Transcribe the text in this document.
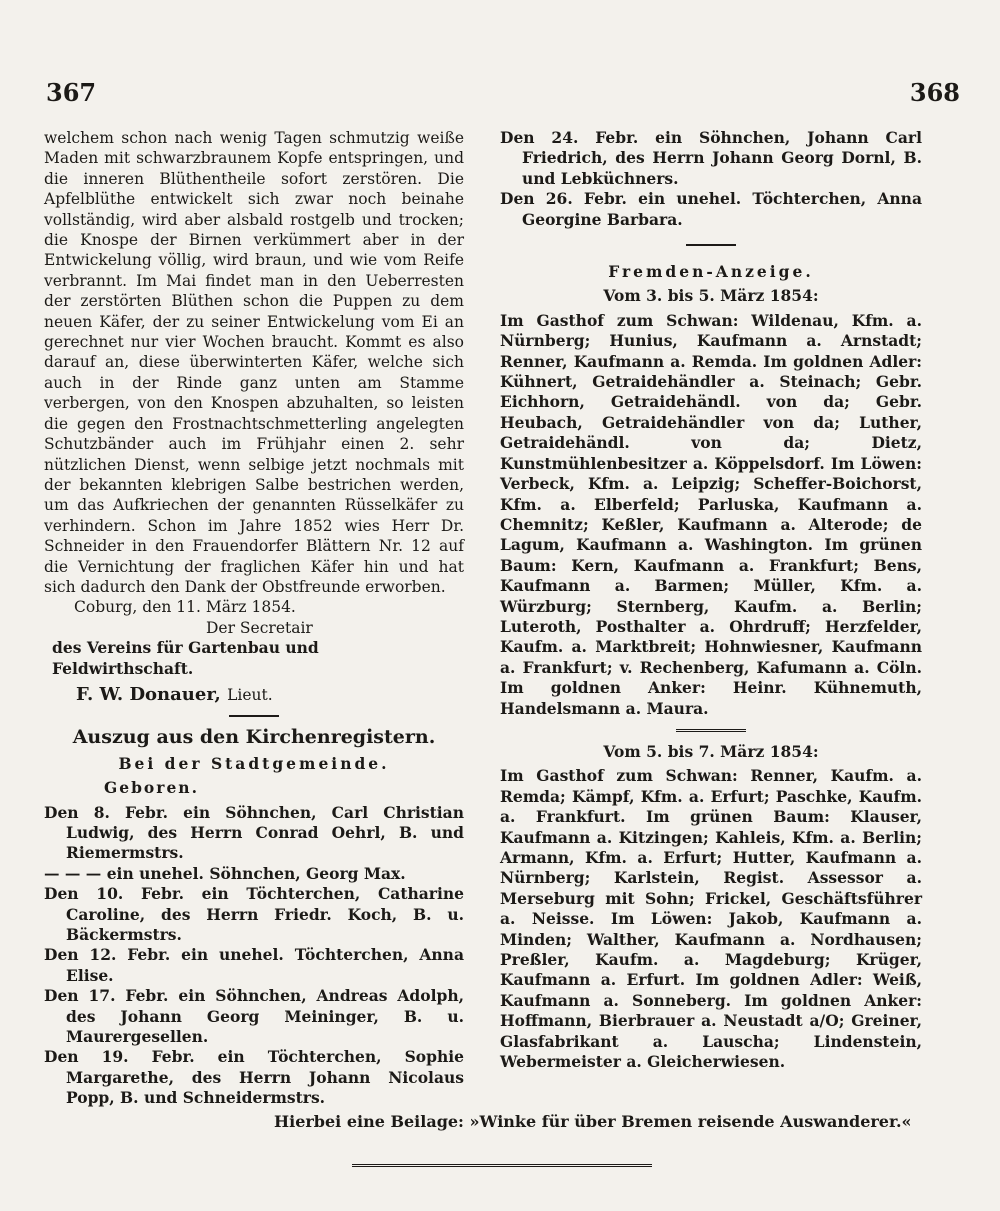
367	368

welchem schon nach wenig Tagen schmutzig weiße Maden mit schwarzbraunem Kopfe entspringen, und die inneren Blüthentheile sofort zerstören. Die Apfelblüthe entwickelt sich zwar noch beinahe vollständig, wird aber alsbald rostgelb und trocken; die Knospe der Birnen verkümmert aber in der Entwickelung völlig, wird braun, und wie vom Reife verbrannt. Im Mai findet man in den Ueberresten der zerstörten Blüthen schon die Puppen zu dem neuen Käfer, der zu seiner Entwickelung vom Ei an gerechnet nur vier Wochen braucht. Kommt es also darauf an, diese überwinterten Käfer, welche sich auch in der Rinde ganz unten am Stamme verbergen, von den Knospen abzuhalten, so leisten die gegen den Frostnachtschmetterling angelegten Schutzbänder auch im Frühjahr einen 2. sehr nützlichen Dienst, wenn selbige jetzt nochmals mit der bekannten klebrigen Salbe bestrichen werden, um das Aufkriechen der genannten Rüsselkäfer zu verhindern. Schon im Jahre 1852 wies Herr Dr. Schneider in den Frauendorfer Blättern Nr. 12 auf die Vernichtung der fraglichen Käfer hin und hat sich dadurch den Dank der Obstfreunde erworben.

Coburg, den 11. März 1854.

Der Secretair

des Vereins für Gartenbau und Feldwirthschaft.

F. W. Donauer, Lieut.

Auszug aus den Kirchenregistern.

Bei der Stadtgemeinde.

Geboren.

Den 8. Febr. ein Söhnchen, Carl Christian Ludwig, des Herrn Conrad Oehrl, B. und Riemermstrs.

— — — ein unehel. Söhnchen, Georg Max.

Den 10. Febr. ein Töchterchen, Catharine Caroline, des Herrn Friedr. Koch, B. u. Bäckermstrs.

Den 12. Febr. ein unehel. Töchterchen, Anna Elise.

Den 17. Febr. ein Söhnchen, Andreas Adolph, des Johann Georg Meininger, B. u. Maurergesellen.

Den 19. Febr. ein Töchterchen, Sophie Margarethe, des Herrn Johann Nicolaus Popp, B. und Schneidermstrs.

Den 24. Febr. ein Söhnchen, Johann Carl Friedrich, des Herrn Johann Georg Dornl, B. und Lebküchners.

Den 26. Febr. ein unehel. Töchterchen, Anna Georgine Barbara.

Fremden-Anzeige.

Vom 3. bis 5. März 1854:

Im Gasthof zum Schwan: Wildenau, Kfm. a. Nürnberg; Hunius, Kaufmann a. Arnstadt; Renner, Kaufmann a. Remda. Im goldnen Adler: Kühnert, Getraidehändler a. Steinach; Gebr. Eichhorn, Getraidehändl. von da; Gebr. Heubach, Getraidehändler von da; Luther, Getraidehändl. von da; Dietz, Kunstmühlenbesitzer a. Köppelsdorf. Im Löwen: Verbeck, Kfm. a. Leipzig; Scheffer-Boichorst, Kfm. a. Elberfeld; Parluska, Kaufmann a. Chemnitz; Keßler, Kaufmann a. Alterode; de Lagum, Kaufmann a. Washington. Im grünen Baum: Kern, Kaufmann a. Frankfurt; Bens, Kaufmann a. Barmen; Müller, Kfm. a. Würzburg; Sternberg, Kaufm. a. Berlin; Luteroth, Posthalter a. Ohrdruff; Herzfelder, Kaufm. a. Marktbreit; Hohnwiesner, Kaufmann a. Frankfurt; v. Rechenberg, Kafumann a. Cöln. Im goldnen Anker: Heinr. Kühnemuth, Handelsmann a. Maura.

Vom 5. bis 7. März 1854:

Im Gasthof zum Schwan: Renner, Kaufm. a. Remda; Kämpf, Kfm. a. Erfurt; Paschke, Kaufm. a. Frankfurt. Im grünen Baum: Klauser, Kaufmann a. Kitzingen; Kahleis, Kfm. a. Berlin; Armann, Kfm. a. Erfurt; Hutter, Kaufmann a. Nürnberg; Karlstein, Regist. Assessor a. Merseburg mit Sohn; Frickel, Geschäftsführer a. Neisse. Im Löwen: Jakob, Kaufmann a. Minden; Walther, Kaufmann a. Nordhausen; Preßler, Kaufm. a. Magdeburg; Krüger, Kaufmann a. Erfurt. Im goldnen Adler: Weiß, Kaufmann a. Sonneberg. Im goldnen Anker: Hoffmann, Bierbrauer a. Neustadt a/O; Greiner, Glasfabrikant a. Lauscha; Lindenstein, Webermeister a. Gleicherwiesen.

Hierbei eine Beilage: »Winke für über Bremen reisende Auswanderer.«
